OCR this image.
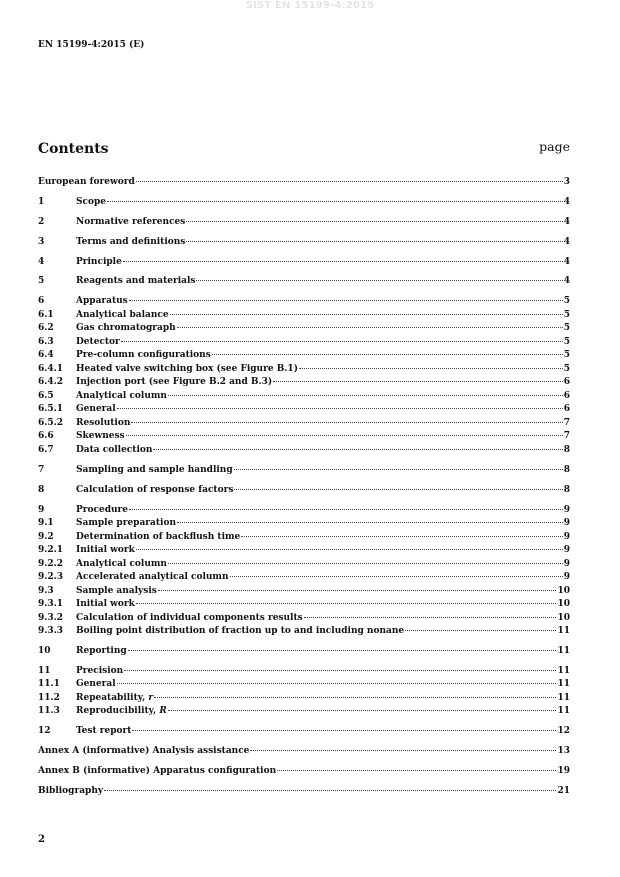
SIST EN 15199-4:2015
EN 15199-4:2015 (E)
Contents	page
European foreword	3
1	Scope	4
2	Normative references	4
3	Terms and definitions	4
4	Principle	4
5	Reagents and materials	4
6	Apparatus	5
6.1	Analytical balance	5
6.2	Gas chromatograph	5
6.3	Detector	5
6.4	Pre-column configurations	5
6.4.1	Heated valve switching box (see Figure B.1)	5
6.4.2	Injection port (see Figure B.2 and B.3)	6
6.5	Analytical column	6
6.5.1	General	6
6.5.2	Resolution	7
6.6	Skewness	7
6.7	Data collection	8
7	Sampling and sample handling	8
8	Calculation of response factors	8
9	Procedure	9
9.1	Sample preparation	9
9.2	Determination of backflush time	9
9.2.1	Initial work	9
9.2.2	Analytical column	9
9.2.3	Accelerated analytical column	9
9.3	Sample analysis	10
9.3.1	Initial work	10
9.3.2	Calculation of individual components results	10
9.3.3	Boiling point distribution of fraction up to and including nonane	11
10	Reporting	11
11	Precision	11
11.1	General	11
11.2	Repeatability, r	11
11.3	Reproducibility, R	11
12	Test report	12
Annex A (informative) Analysis assistance	13
Annex B (informative) Apparatus configuration	19
Bibliography	21
2
